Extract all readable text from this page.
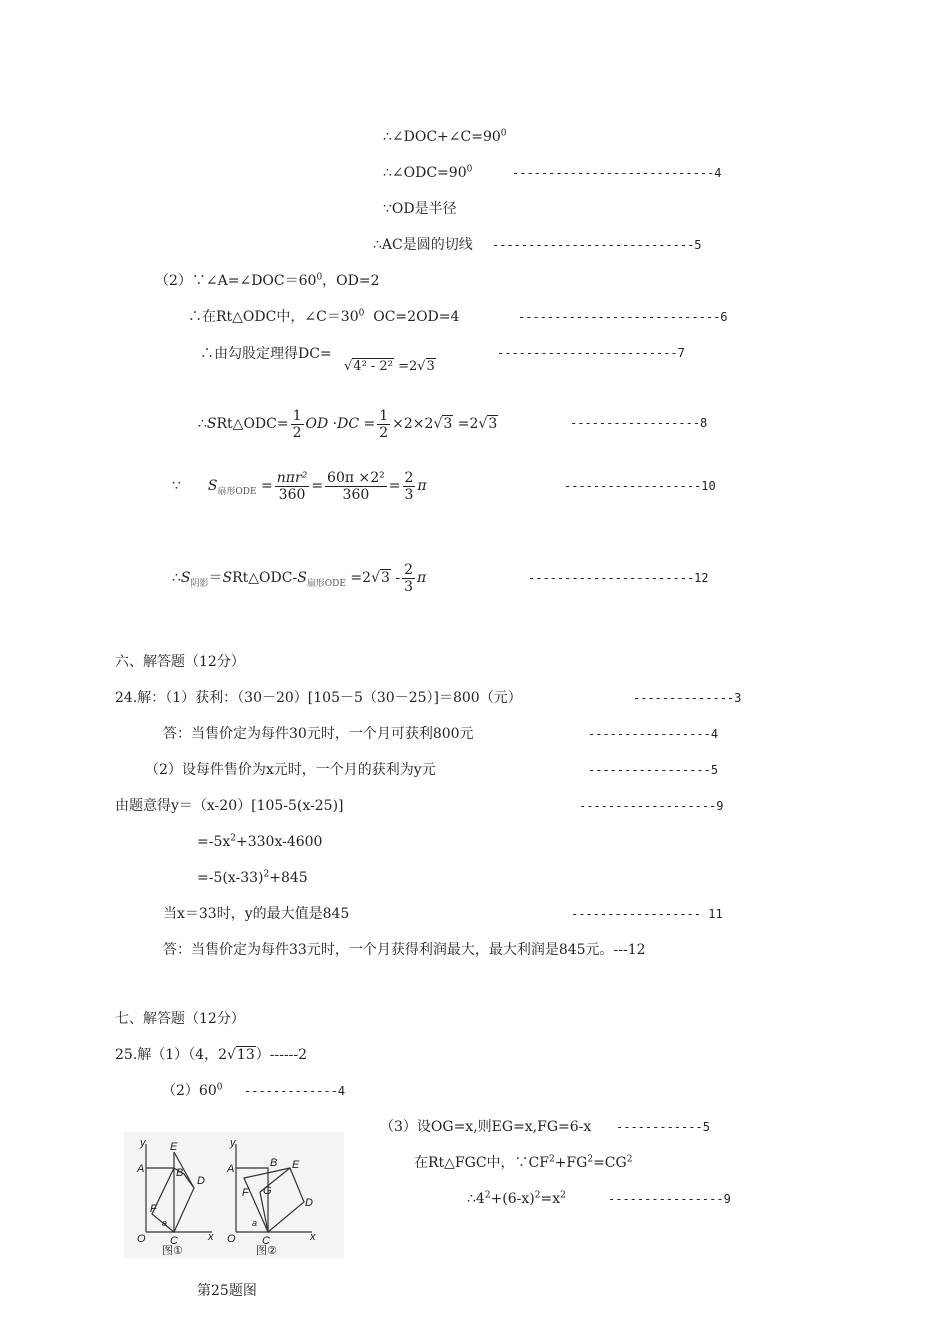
$\therefore\angle DOC+\angle C=90^0$
$\therefore\angle ODC=90^0$	----------------------------4
∵OD是半径
∴AC是圆的切线 ----------------------------5
$(2)\because\angle A=\angle DOC=60^0$，OD=2
∴在Rt△ODC中，$\angle C=30^0$  OC=2OD=4	----------------------------6
∴由勾股定理得DC=
√4² - 2² =2√3
-------------------------7
∴SRt△ODC= $\frac{1}{2}$ OD $\cdot DC = \frac{1}{2} \times 2\times 2√3 =2√3$	------------------8
∵ $S_{扇形ODE} = \frac{\text{nπr²}}{360} = \frac{\text{60π ×2²}}{360} = \frac{2}{3}$ π	-------------------10
$\therefore S_{阴影}=SRt\triangle ODC-S_{扇形ODE} =2√3 - \frac{2}{3}$ π	-----------------------12
六、解答题（12分）
24.解：（1）获利：（30－20）[105－5（30－25）]＝800（元）	--------------3
答：当售价定为每件30元时，一个月可获利800元	-----------------4
（2）设每件售价为x元时，一个月的获利为y元	-----------------5
由题意得y＝（x-20）[105-5(x-25)]	-------------------9
$=-5x^2+330x-4600$
$=-5(x-33)^2+845$
当x＝33时，y的最大值是845	------------------ 11
答：当售价定为每件33元时，一个月获得利润最大，最大利润是845元。---12
七、解答题（12分）
25.解（1）（4，2√13）------2
$(2)60^0$ -------------4
（3）设OG=x,则EG=x,FG=6-x ------------5
在Rt△FGC中，$\because CF^2+FG^2=CG^2$
$\therefore 4^2+(6-x)^2=x^2$	----------------9
y
A
E
B
D
F
a
O C	x
图①
y
A	B E
F G
D
a
O C	x
图②
第25题图
